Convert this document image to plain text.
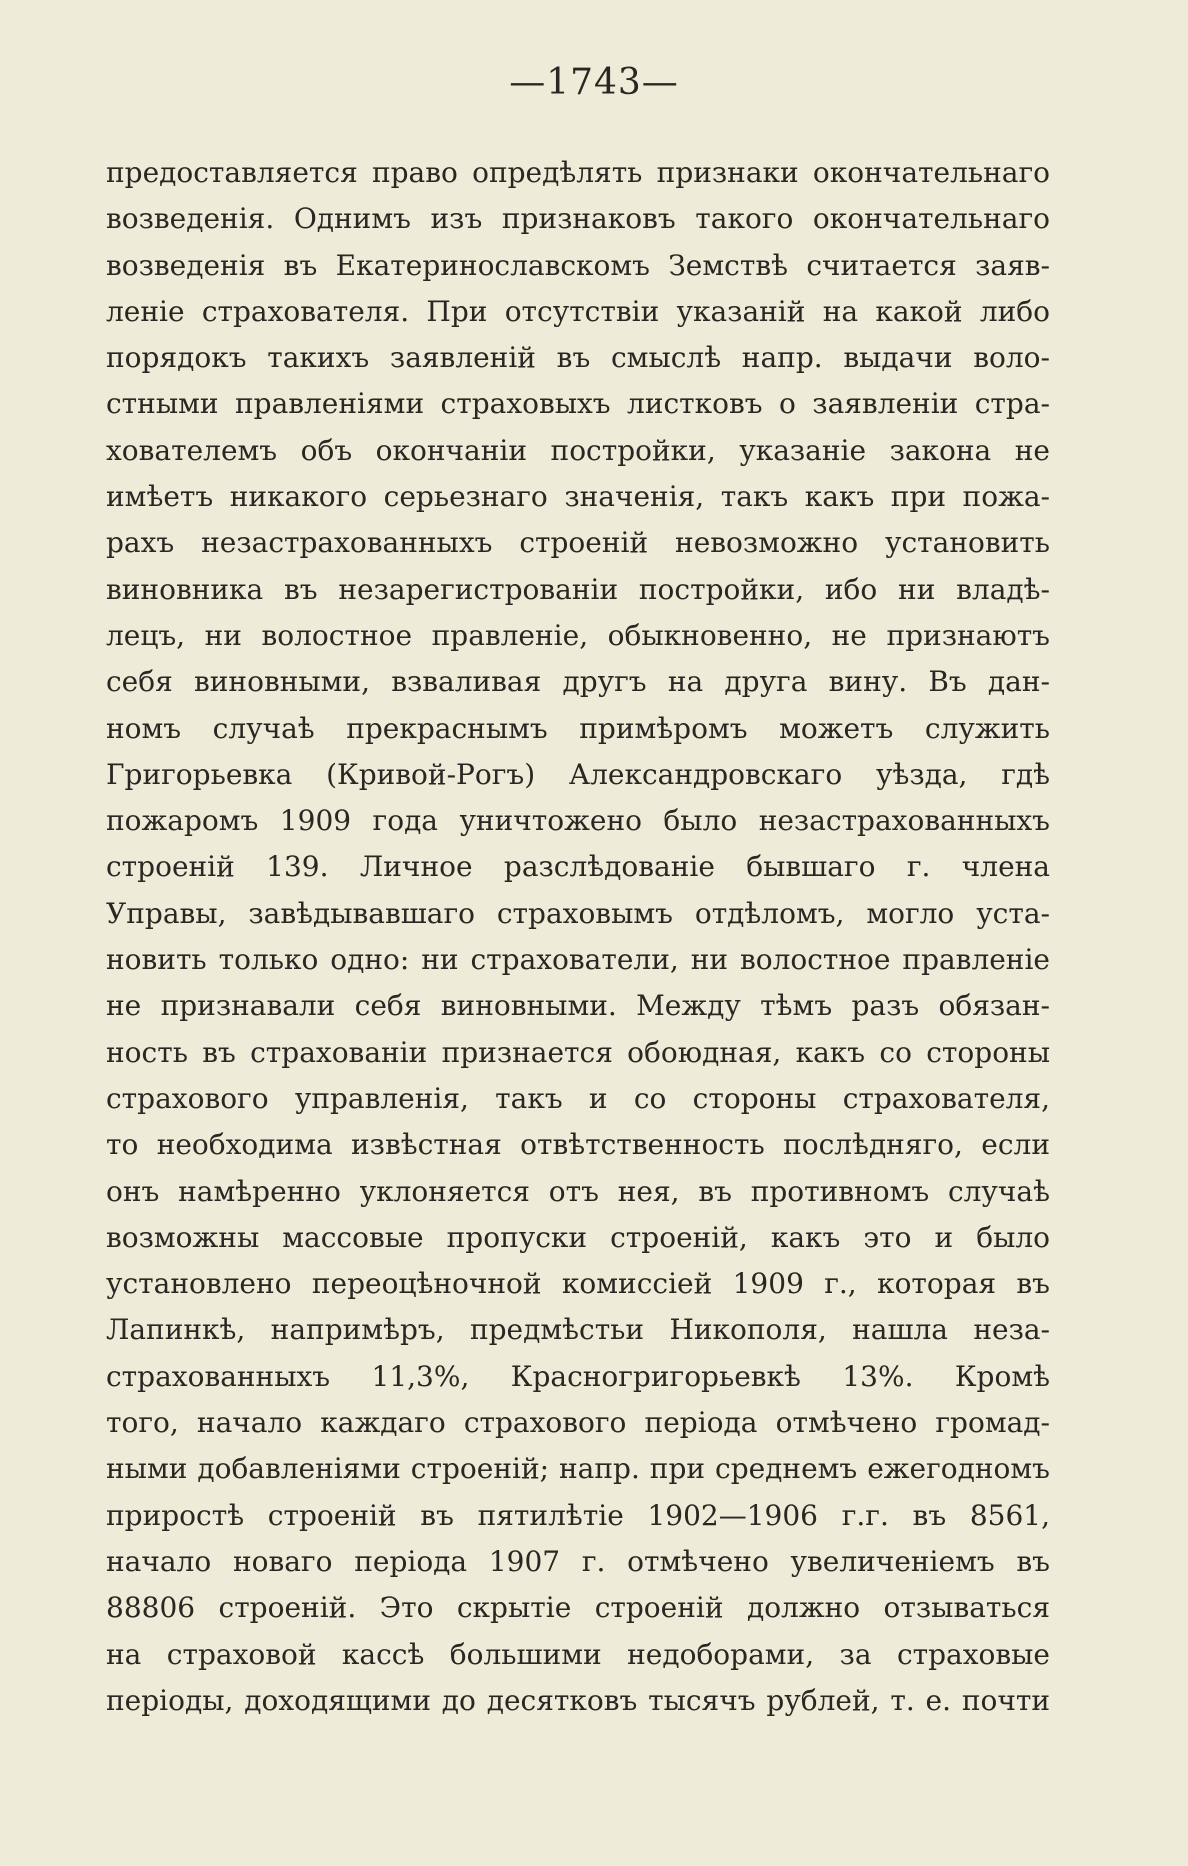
—1743—
предоставляется право опредѣлять признаки окончательнаго
возведенія. Однимъ изъ признаковъ такого окончательнаго
возведенія въ Екатеринославскомъ Земствѣ считается заяв-
леніе страхователя. При отсутствіи указаній на какой либо
порядокъ такихъ заявленій въ смыслѣ напр. выдачи воло-
стными правленіями страховыхъ листковъ о заявленіи стра-
хователемъ объ окончаніи постройки, указаніе закона не
имѣетъ никакого серьезнаго значенія, такъ какъ при пожа-
рахъ незастрахованныхъ строеній невозможно установить
виновника въ незарегистрованіи постройки, ибо ни владѣ-
лецъ, ни волостное правленіе, обыкновенно, не признаютъ
себя виновными, взваливая другъ на друга вину. Въ дан-
номъ случаѣ прекраснымъ примѣромъ можетъ служить
Григорьевка (Кривой-Рогъ) Александровскаго уѣзда, гдѣ
пожаромъ 1909 года уничтожено было незастрахованныхъ
строеній 139. Личное разслѣдованіе бывшаго г. члена
Управы, завѣдывавшаго страховымъ отдѣломъ, могло уста-
новить только одно: ни страхователи, ни волостное правленіе
не признавали себя виновными. Между тѣмъ разъ обязан-
ность въ страхованіи признается обоюдная, какъ со стороны
страхового управленія, такъ и со стороны страхователя,
то необходима извѣстная отвѣтственность послѣдняго, если
онъ намѣренно уклоняется отъ нея, въ противномъ случаѣ
возможны массовые пропуски строеній, какъ это и было
установлено переоцѣночной комиссіей 1909 г., которая въ
Лапинкѣ, напримѣръ, предмѣстьи Никополя, нашла неза-
страхованныхъ 11,3%, Красногригорьевкѣ 13%. Кромѣ
того, начало каждаго страхового періода отмѣчено громад-
ными добавленіями строеній; напр. при среднемъ ежегодномъ
приростѣ строеній въ пятилѣтіе 1902—1906 г.г. въ 8561,
начало новаго періода 1907 г. отмѣчено увеличеніемъ въ
88806 строеній. Это скрытіе строеній должно отзываться
на страховой кассѣ большими недоборами, за страховые
періоды, доходящими до десятковъ тысячъ рублей, т. е. почти
